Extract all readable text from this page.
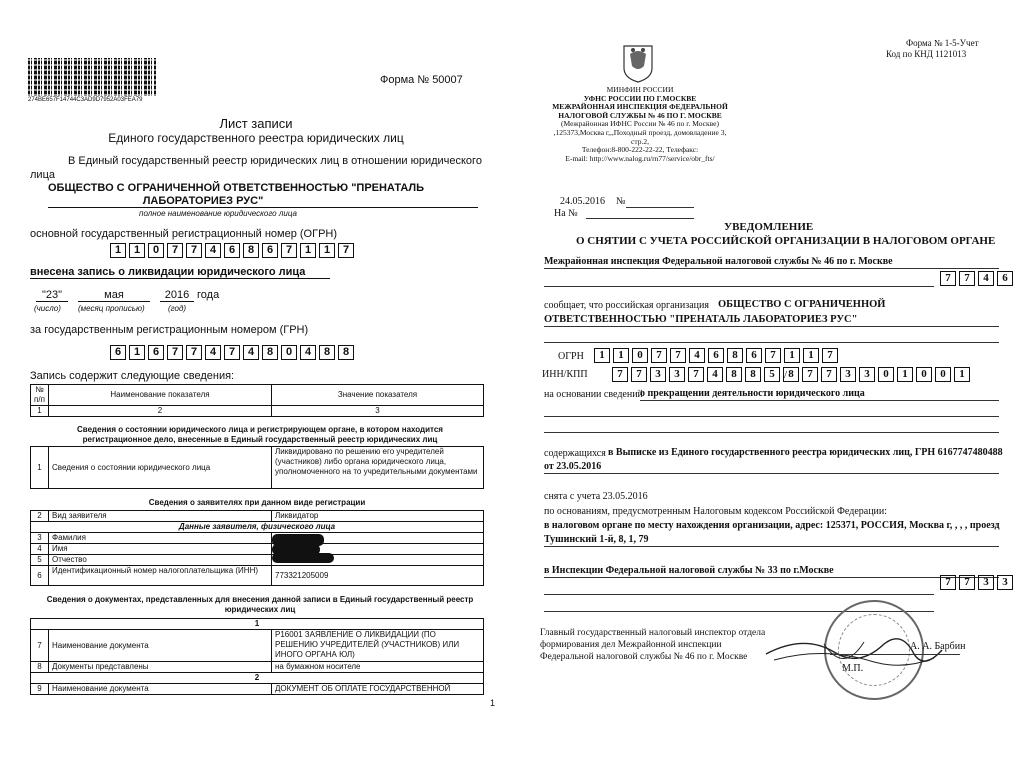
274BE657F14744C3AD9D7952A03FEA79
Форма № 50007
Лист записи
Единого государственного реестра юридических лиц
В Единый государственный реестр юридических лиц в отношении юридического
лица
ОБЩЕСТВО С ОГРАНИЧЕННОЙ ОТВЕТСТВЕННОСТЬЮ "ПРЕНАТАЛЬ
ЛАБОРАТОРИЕЗ РУС"
полное наименование юридического лица
основной государственный регистрационный номер (ОГРН)
1	1	0	7	7	4	6	8	6	7	1	1	7
внесена запись о ликвидации юридического лица
"23"	мая	2016 года
(число) (месяц прописью)	(год)
за государственным регистрационным номером (ГРН)
6	1	6	7	7	4	7	4	8	0	4	8	8
Запись содержит следующие сведения:
№ п/п	Наименование показателя	Значение показателя
1	2	3
Сведения о состоянии юридического лица и регистрирующем органе, в котором находится регистрационное дело, внесенные в Единый государственный реестр юридических лиц
1	Сведения о состоянии юридического лица	Ликвидировано по решению его учредителей (участников) либо органа юридического лица, уполномоченного на то учредительными документами
Сведения о заявителях при данном виде регистрации
2	Вид заявителя	Ликвидатор
Данные заявителя, физического лица		
3	Фамилия	
4	Имя	
5	Отчество	
6	Идентификационный номер налогоплательщика (ИНН)	773321205009
Сведения о документах, представленных для внесения данной записи в Единый государственный реестр юридических лиц
1		
7	Наименование документа	Р16001 ЗАЯВЛЕНИЕ О ЛИКВИДАЦИИ (ПО РЕШЕНИЮ УЧРЕДИТЕЛЕЙ (УЧАСТНИКОВ) ИЛИ ИНОГО ОРГАНА ЮЛ)
8	Документы представлены	на бумажном носителе
2		
9	Наименование документа	ДОКУМЕНТ ОБ ОПЛАТЕ ГОСУДАРСТВЕННОЙ
1
Форма № 1-5-Учет
Код по КНД 1121013
МИНФИН РОССИИ
УФНС РОССИИ ПО Г.МОСКВЕ
МЕЖРАЙОННАЯ ИНСПЕКЦИЯ ФЕДЕРАЛЬНОЙ
НАЛОГОВОЙ СЛУЖБЫ № 46 ПО Г. МОСКВЕ
(Межрайонная ИФНС России № 46 по г. Москве)
,125373,Москва г,,,Походный проезд, домовладение 3,
стр.2,
Телефон:8-800-222-22-22, Телефакс:
E-mail: http://www.nalog.ru/rn77/service/obr_fts/
24.05.2016 №
На №
УВЕДОМЛЕНИЕ
О СНЯТИИ С УЧЕТА РОССИЙСКОЙ ОРГАНИЗАЦИИ В НАЛОГОВОМ ОРГАНЕ
Межрайонная инспекция Федеральной налоговой службы № 46 по г. Москве
7	7	4	6
сообщает, что российская организация ОБЩЕСТВО С ОГРАНИЧЕННОЙ
ОТВЕТСТВЕННОСТЬЮ "ПРЕНАТАЛЬ ЛАБОРАТОРИЕЗ РУС"
ОГРН	1	1	0	7	7	4	6	8	6	7	1	1	7
ИНН/КПП	7	7	3	3	7	4	8	8	5	8
/	7	7	3	3	0	1	0	0	1
на основании сведений
о прекращении деятельности юридического лица
содержащихся в Выписке из Единого государственного реестра юридических лиц, ГРН 6167747480488
от 23.05.2016
снята с учета 23.05.2016
по основаниям, предусмотренным Налоговым кодексом Российской Федерации:
в налоговом органе по месту нахождения организации, адрес: 125371, РОССИЯ, Москва г, , , , проезд
Тушинский 1-й, 8, 1, 79
в Инспекции Федеральной налоговой службы № 33 по г.Москве
7	7	3	3
Главный государственный налоговый инспектор отдела
формирования дел Межрайонной инспекции
Федеральной налоговой службы № 46 по г. Москве
А. А. Барбин
М.П.
